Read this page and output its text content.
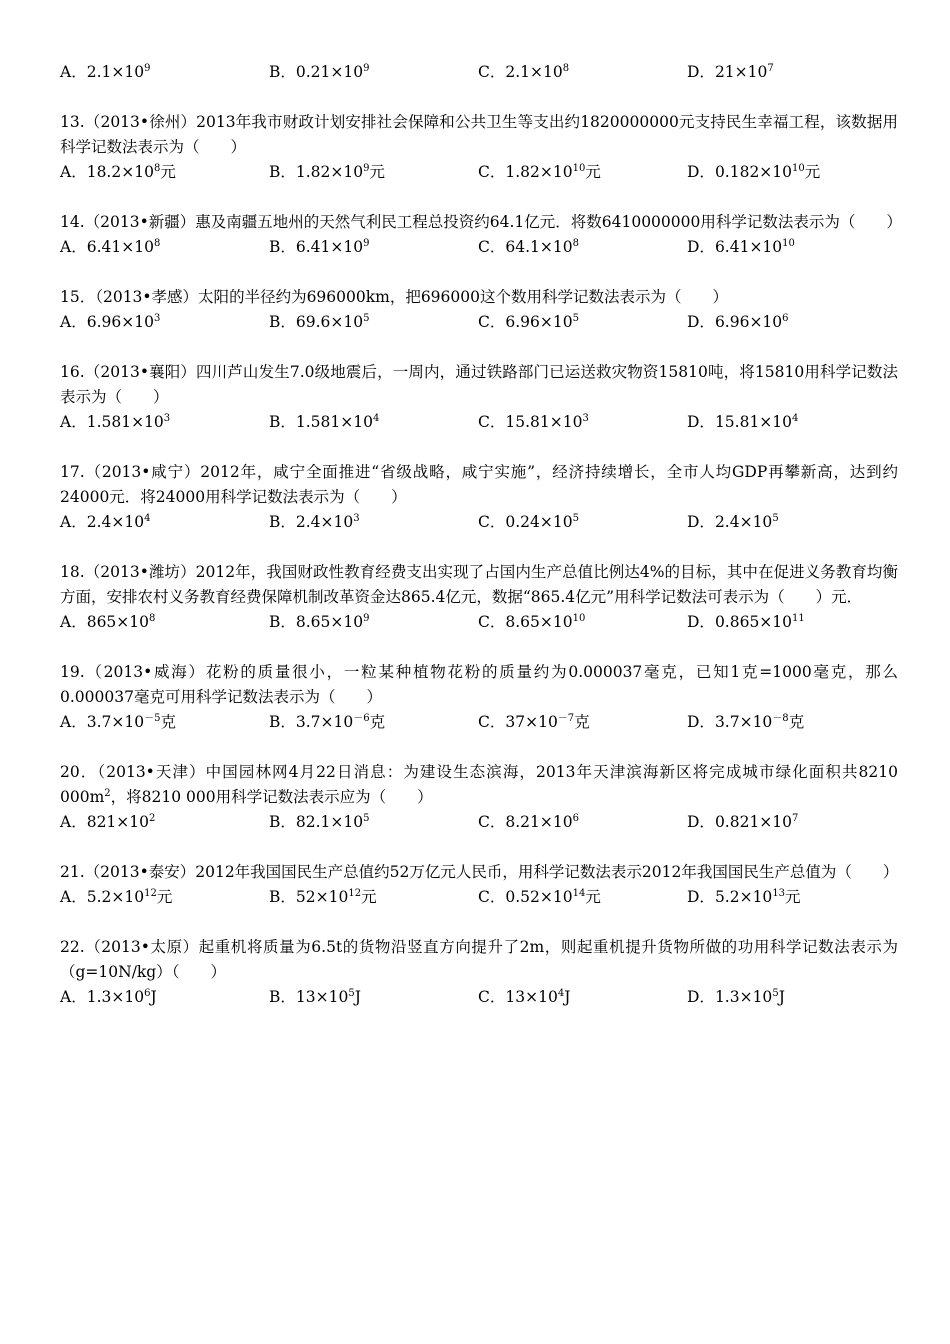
A．$2.1\times 10^9$	B．$0.21\times 10^9$	C．$2.1\times 10^8$	D．$21\times 10^7$
13.（2013•徐州）2013年我市财政计划安排社会保障和公共卫生等支出约1820000000元支持民生幸福工程，该数据用科学记数法表示为（　　）
A．$18.2\times 10^8$元	B．$1.82\times 10^9$元	C．$1.82\times 10^{10}$元	D．$0.182\times 10^{10}$元
14.（2013•新疆）惠及南疆五地州的天然气利民工程总投资约64.1亿元．将数6410000000用科学记数法表示为（　　）
A．$6.41\times 10^8$	B．$6.41\times 10^9$	C．$64.1\times 10^8$	D．$6.41\times 10^{10}$
15．（2013•孝感）太阳的半径约为696000km，把696000这个数用科学记数法表示为（　　）
A．$6.96\times 10^3$	B．$69.6\times 10^5$	C．$6.96\times 10^5$	D．$6.96\times 10^6$
16.（2013•襄阳）四川芦山发生7.0级地震后，一周内，通过铁路部门已运送救灾物资15810吨，将15810用科学记数法表示为（　　）
A．$1.581\times 10^3$	B．$1.581\times 10^4$	C．$15.81\times 10^3$	D．$15.81\times 10^4$
17.（2013•咸宁）2012年，咸宁全面推进“省级战略，咸宁实施”，经济持续增长，全市人均GDP再攀新高，达到约24000元．将24000用科学记数法表示为（　　）
A．$2.4\times 10^4$	B．$2.4\times 10^3$	C．$0.24\times 10^5$	D．$2.4\times 10^5$
18.（2013•潍坊）2012年，我国财政性教育经费支出实现了占国内生产总值比例达4%的目标，其中在促进义务教育均衡方面，安排农村义务教育经费保障机制改革资金达865.4亿元，数据“865.4亿元”用科学记数法可表示为（　　）元．
A．$865\times 10^8$	B．$8.65\times 10^9$	C．$8.65\times 10^{10}$	D．$0.865\times 10^{11}$
19.（2013•威海）花粉的质量很小，一粒某种植物花粉的质量约为0.000037毫克，已知1克=1000毫克，那么0.000037毫克可用科学记数法表示为（　　）
A．$3.7\times 10^{-5}$克	B．$3.7\times 10^{-6}$克	C．$37\times 10^{-7}$克	D．$3.7\times 10^{-8}$克
20．（2013•天津）中国园林网4月22日消息：为建设生态滨海，2013年天津滨海新区将完成城市绿化面积共8210 $000m^2$，将8210 000用科学记数法表示应为（　　）
A．$821\times 10^2$	B．$82.1\times 10^5$	C．$8.21\times 10^6$	D．$0.821\times 10^7$
21.（2013•泰安）2012年我国国民生产总值约52万亿元人民币，用科学记数法表示2012年我国国民生产总值为（　　）
A．$5.2\times 10^{12}$元	B．$52\times 10^{12}$元	C．$0.52\times 10^{14}$元	D．$5.2\times 10^{13}$元
22.（2013•太原）起重机将质量为6.5t的货物沿竖直方向提升了2m，则起重机提升货物所做的功用科学记数法表示为（g=10N/kg）（　　）
A．$1.3\times 10^6J$	B．$13\times 10^5J$	C．$13\times 10^4J$	D．$1.3\times 10^5J$
